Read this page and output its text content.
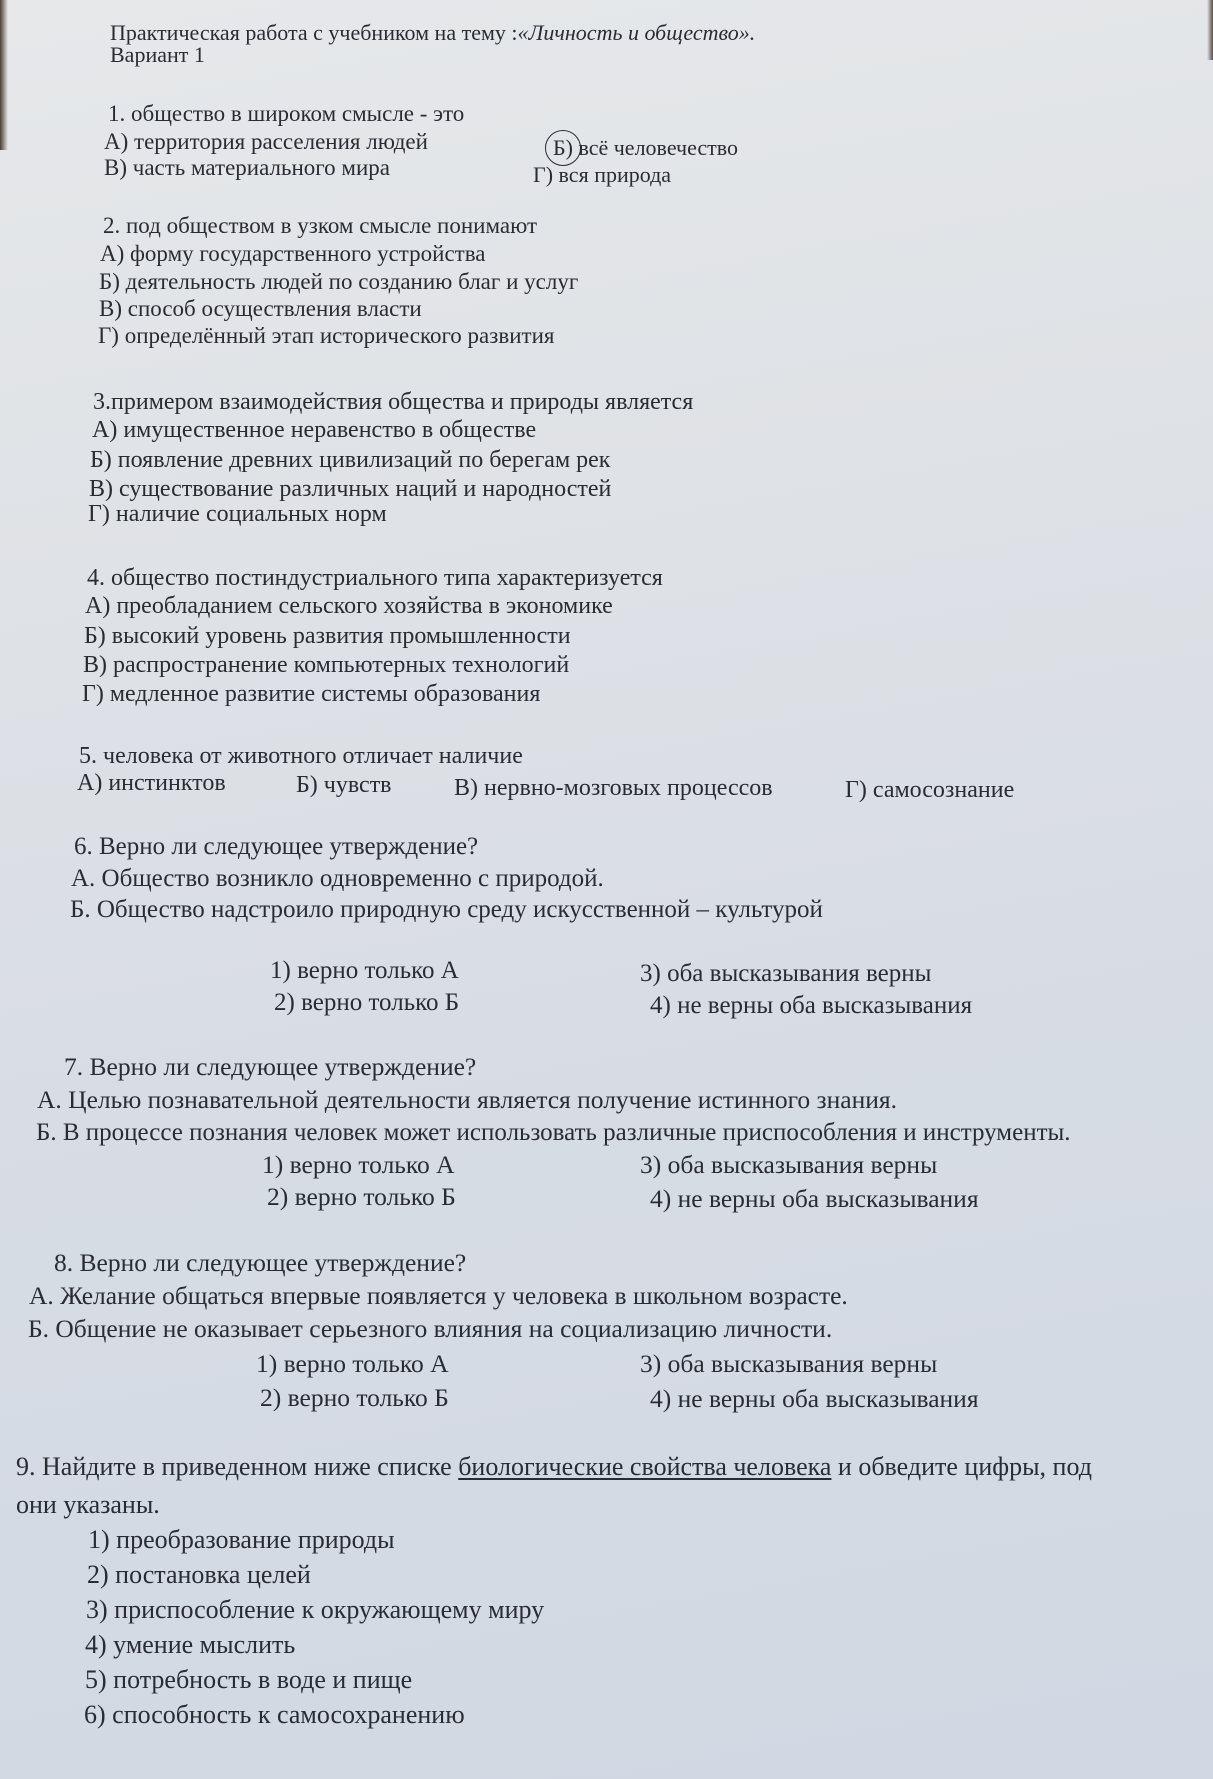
Практическая работа с учебником на тему :«Личность и общество».
Вариант 1
1. общество в широком смысле - это
А) территория расселения людей	Б) всё человечество
В) часть материального мира	Г) вся природа
2. под обществом в узком смысле понимают
А) форму государственного устройства
Б) деятельность людей по созданию благ и услуг
В) способ осуществления власти
Г) определённый этап исторического развития
3.примером взаимодействия общества и природы является
А) имущественное неравенство в обществе
Б) появление древних цивилизаций по берегам рек
В) существование различных наций и народностей
Г) наличие социальных норм
4. общество постиндустриального типа характеризуется
А) преобладанием сельского хозяйства в экономике
Б) высокий уровень развития промышленности
В) распространение компьютерных технологий
Г) медленное развитие системы образования
5. человека от животного отличает наличие
А) инстинктов	Б) чувств	В) нервно-мозговых процессов	Г) самосознание
6. Верно ли следующее утверждение?
А. Общество возникло одновременно с природой.
Б. Общество надстроило природную среду искусственной – культурой
1) верно только А	3) оба высказывания верны
2) верно только Б	4) не верны оба высказывания
7. Верно ли следующее утверждение?
А. Целью познавательной деятельности является получение истинного знания.
Б. В процессе познания человек может использовать различные приспособления и инструменты.
1) верно только А	3) оба высказывания верны
2) верно только Б	4) не верны оба высказывания
8. Верно ли следующее утверждение?
А. Желание общаться впервые появляется у человека в школьном возрасте.
Б. Общение не оказывает серьезного влияния на социализацию личности.
1) верно только А	3) оба высказывания верны
2) верно только Б	4) не верны оба высказывания
9. Найдите в приведенном ниже списке биологические свойства человека и обведите цифры, под
они указаны.
1) преобразование природы
2) постановка целей
3) приспособление к окружающему миру
4) умение мыслить
5) потребность в воде и пище
6) способность к самосохранению
